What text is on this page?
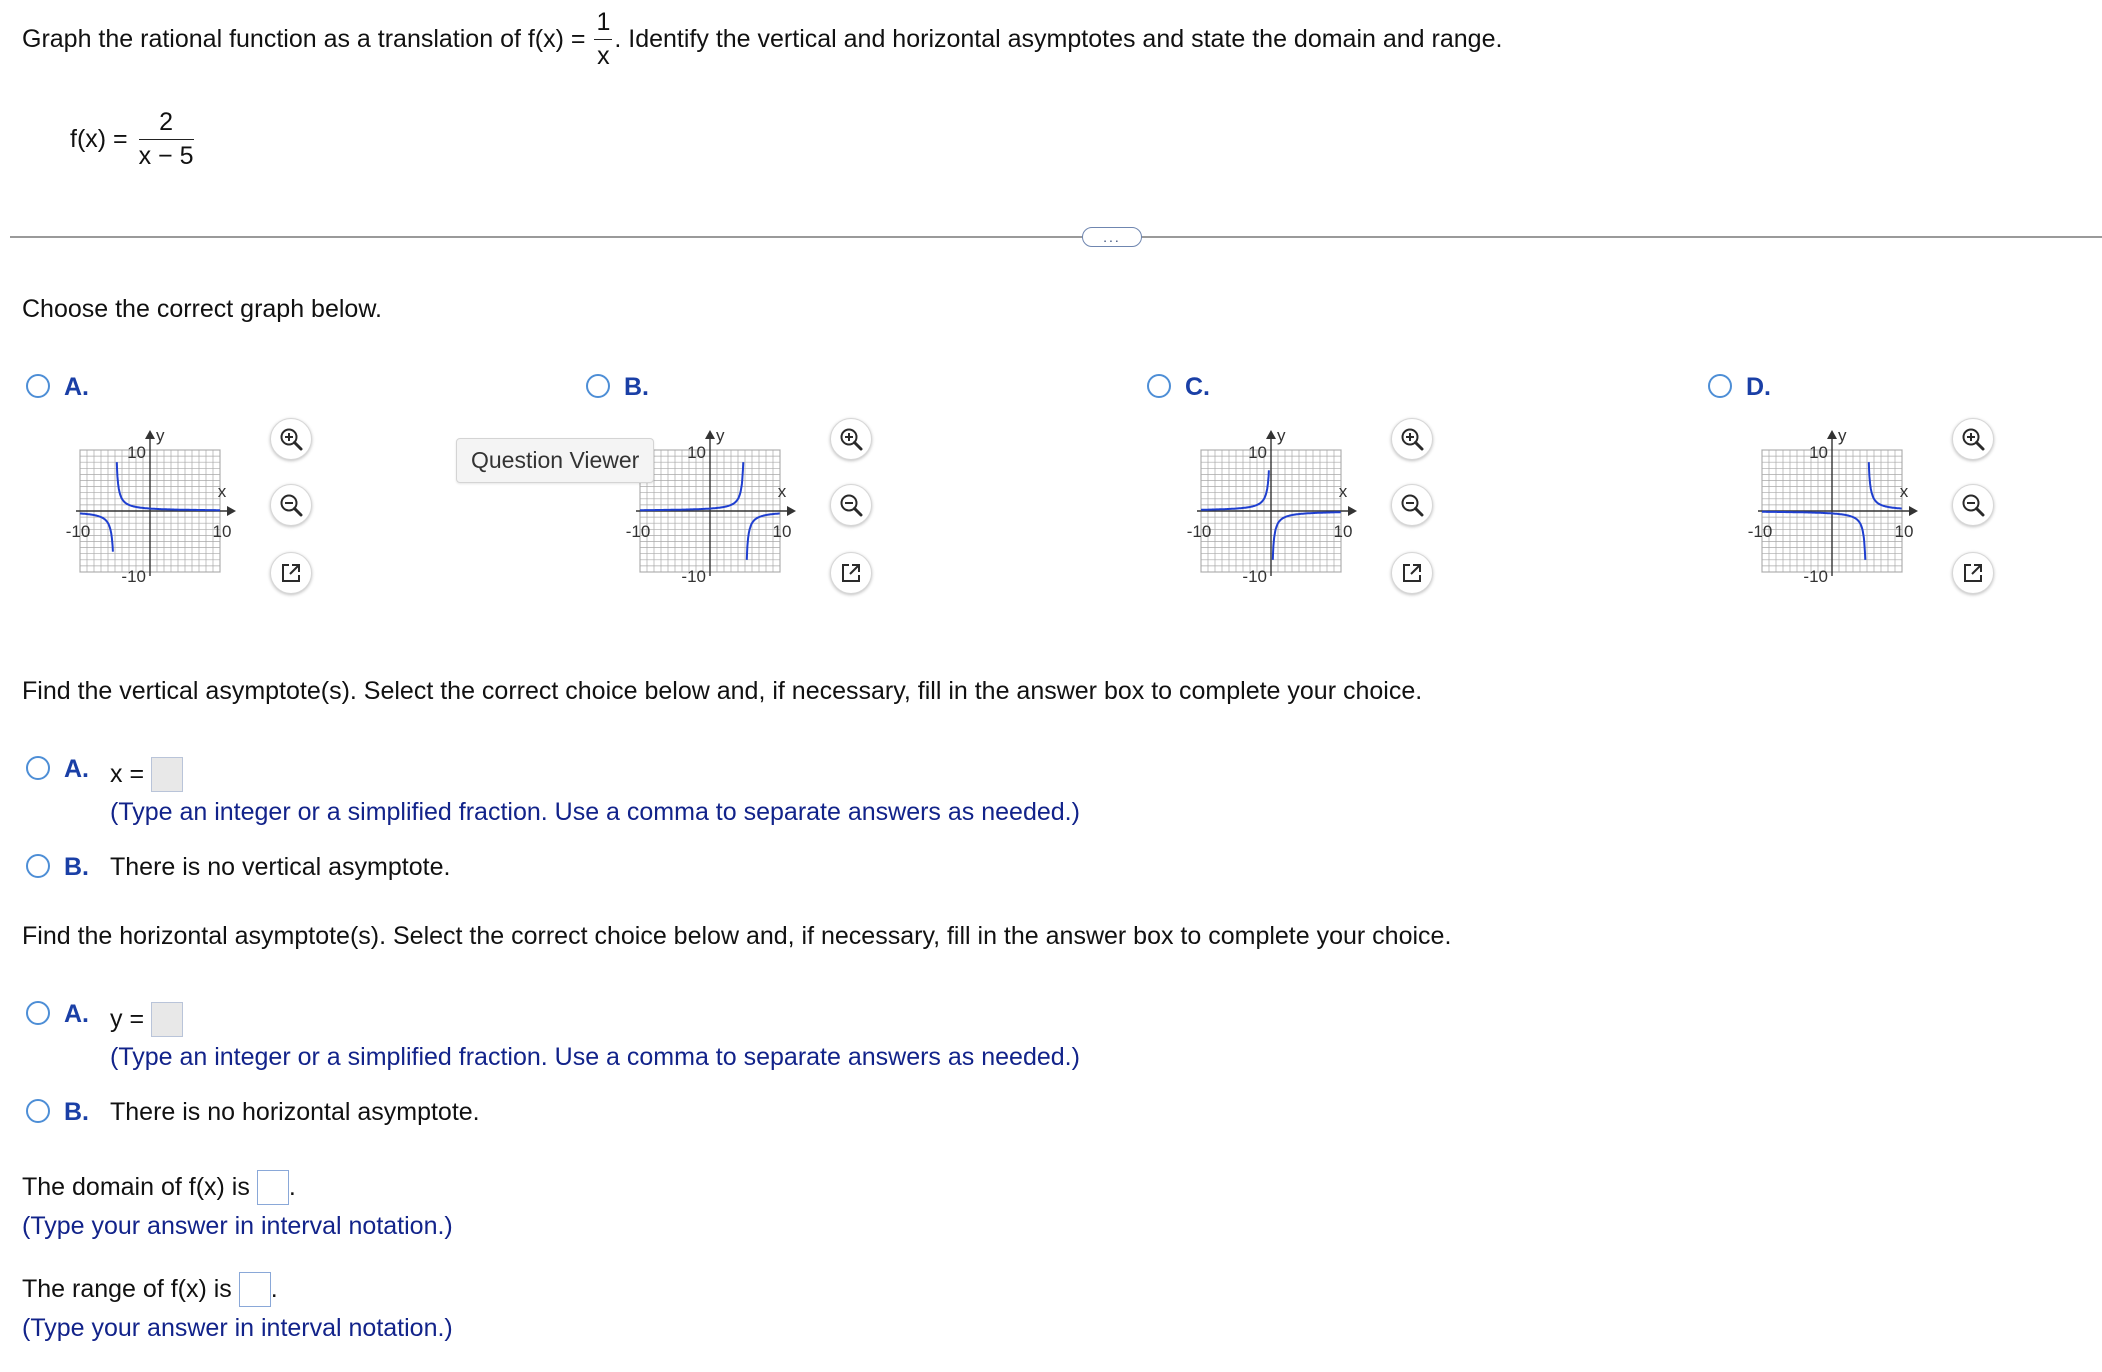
Graph the rational function as a translation of $f(x) = \frac{1}{x}$ . Identify the vertical and horizontal asymptotes and state the domain and range.
$f(x) = \frac{2}{x - 5}$
...
Choose the correct graph below.
A.
y
x
10
-10
-10	10
B.
y
x
10
-10
-10	10
C.
y
x
10
-10
-10	10
D.
y
x
10
-10
-10	10
Question Viewer
Find the vertical asymptote(s). Select the correct choice below and, if necessary, fill in the answer box to complete your choice.
A. x =
(Type an integer or a simplified fraction. Use a comma to separate answers as needed.)
B. There is no vertical asymptote.
Find the horizontal asymptote(s). Select the correct choice below and, if necessary, fill in the answer box to complete your choice.
A. y =
(Type an integer or a simplified fraction. Use a comma to separate answers as needed.)
B. There is no horizontal asymptote.
The domain of f(x) is .
(Type your answer in interval notation.)
The range of f(x) is .
(Type your answer in interval notation.)
